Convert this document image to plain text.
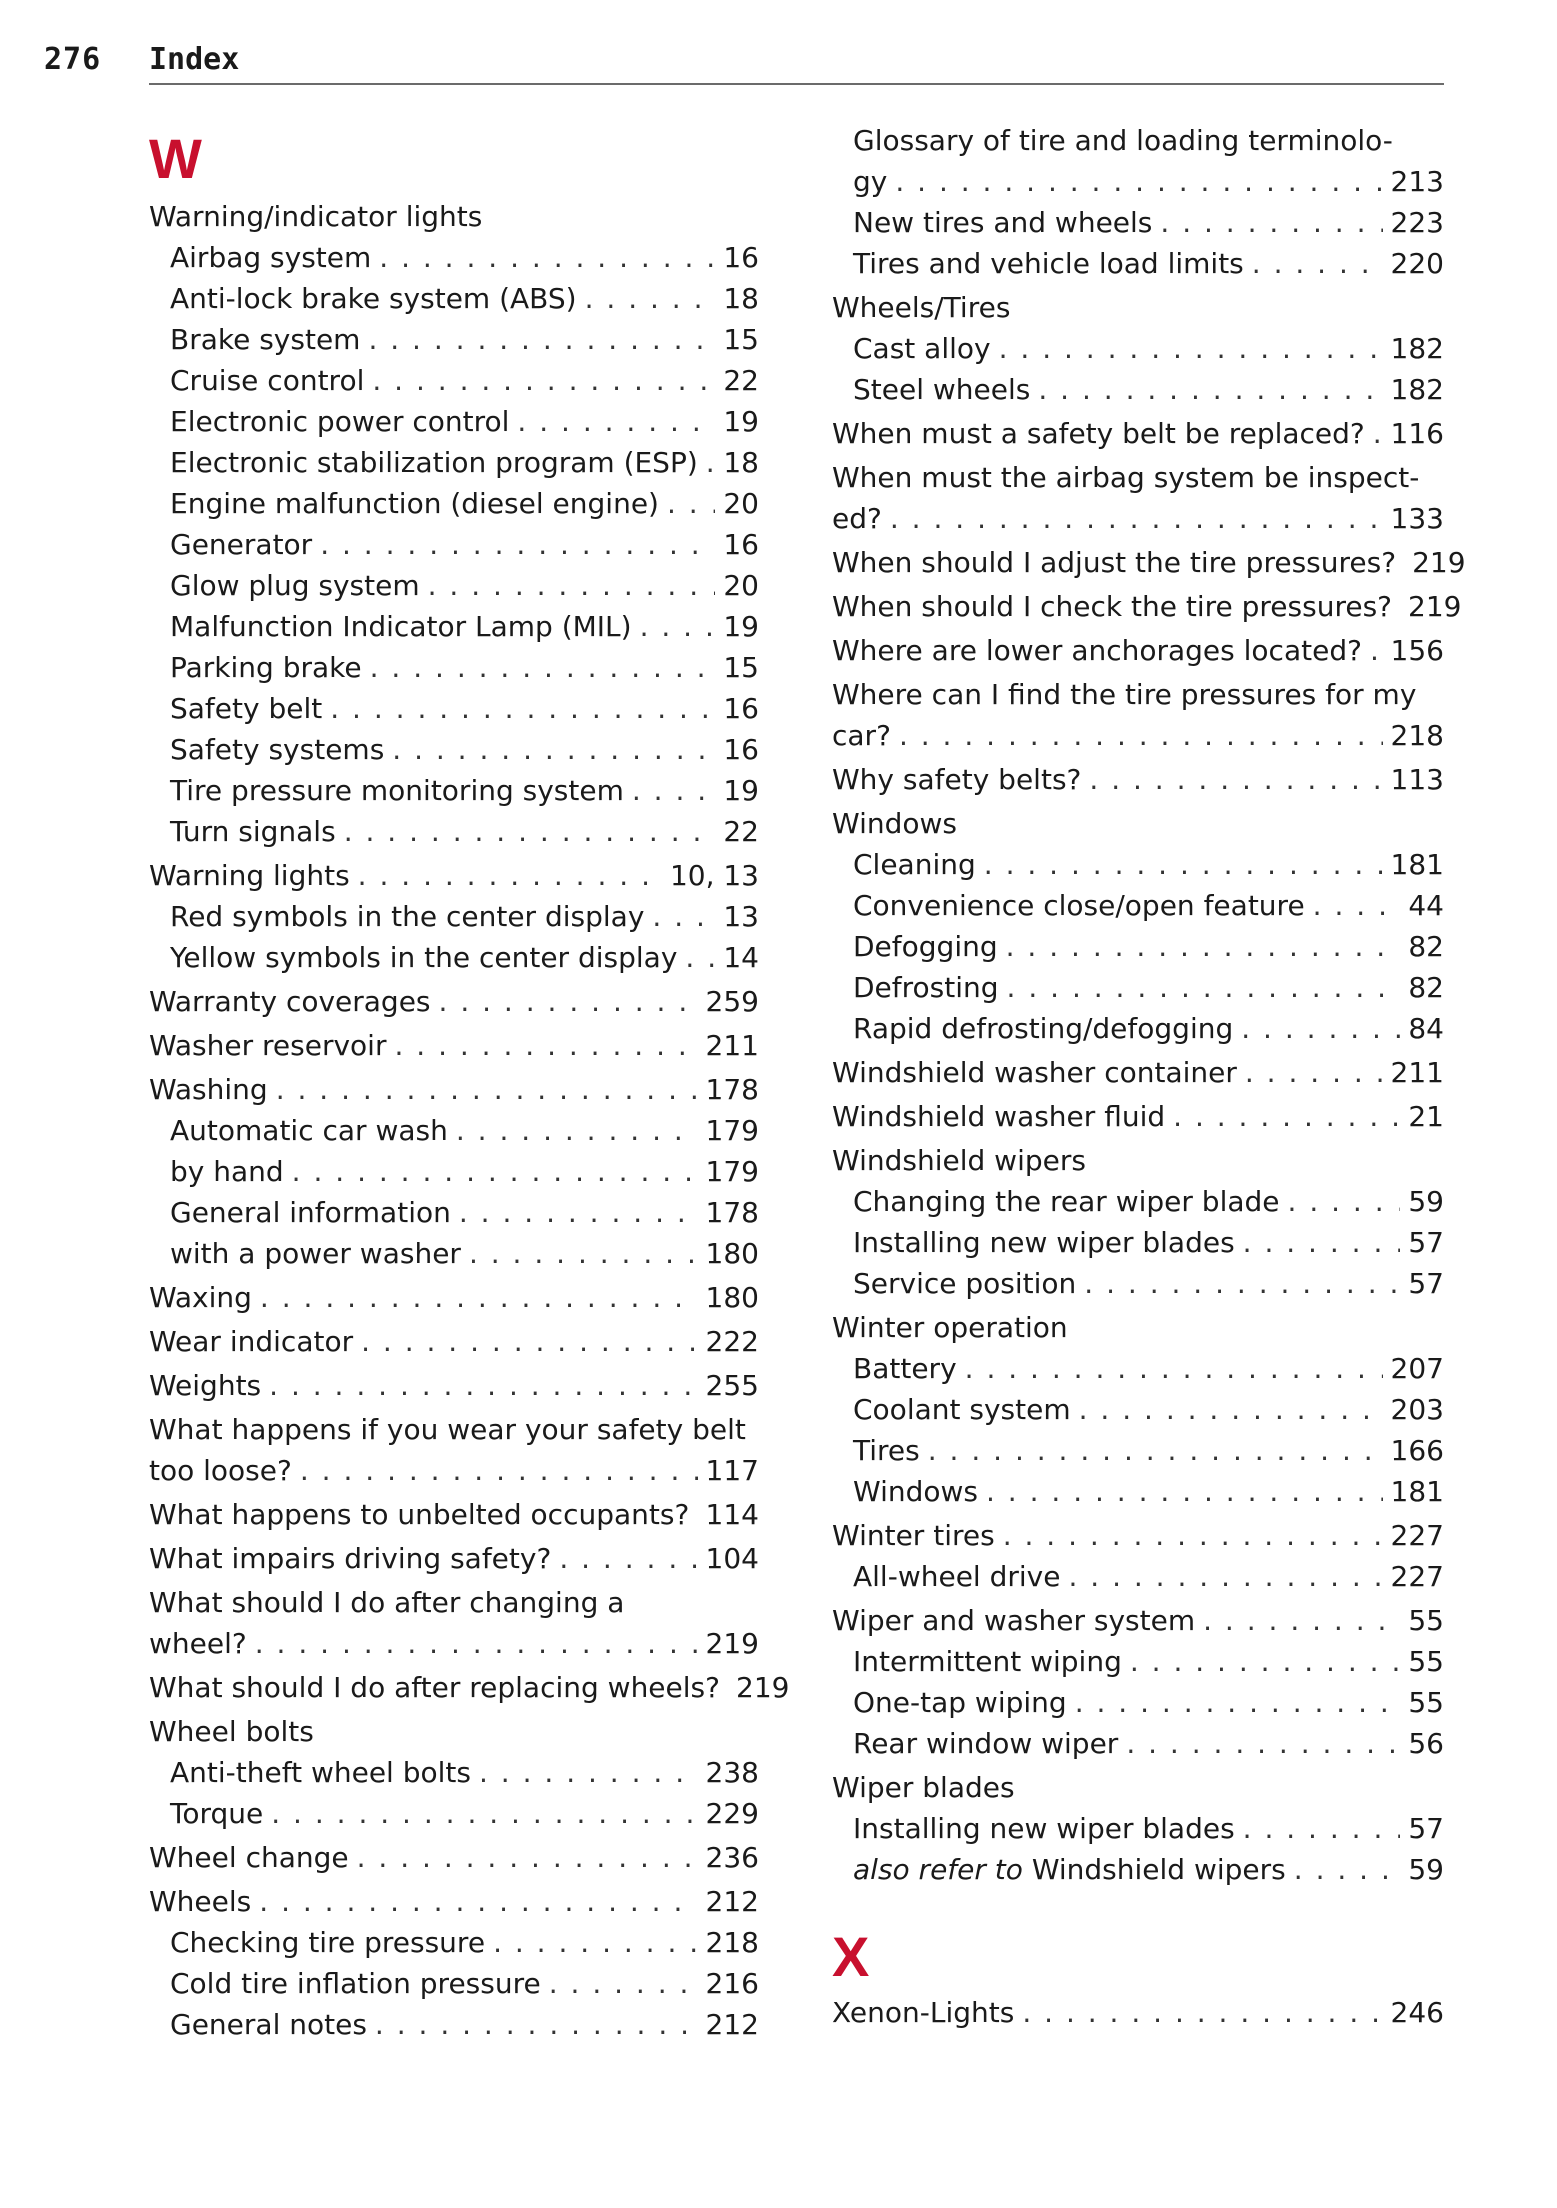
276 Index
W
Warning/indicator lights
Airbag system . . .	16
Anti-lock brake system (ABS) . . .	18
Brake system . . .	15
Cruise control . . .	22
Electronic power control . . .	19
Electronic stabilization program (ESP) . . . 18
Engine malfunction (diesel engine) . . . 20
Generator . . .	16
Glow plug system . . .	20
Malfunction Indicator Lamp (MIL) . . .	19
Parking brake . . .	15
Safety belt . . .	16
Safety systems . . .	16
Tire pressure monitoring system . . .	19
Turn signals . . .	22
Warning lights . . .	10, 13
Red symbols in the center display . . .	13
Yellow symbols in the center display . . . 14
Warranty coverages . . .	259
Washer reservoir . . .	211
Washing . . .	178
Automatic car wash . . .	179
by hand . . .	179
General information . . .	178
with a power washer . . .	180
Waxing . . .	180
Wear indicator . . .	222
Weights . . .	255
What happens if you wear your safety belt
too loose? . . .	117
What happens to unbelted occupants? . . . 114
What impairs driving safety? . . .	104
What should I do after changing a
wheel? . . .	219
What should I do after replacing wheels? 219
Wheel bolts
Anti-theft wheel bolts . . .	238
Torque . . .	229
Wheel change . . .	236
Wheels . . .	212
Checking tire pressure . . .	218
Cold tire inflation pressure . . .	216
General notes . . .	212
Glossary of tire and loading terminolo-
gy . . .	213
New tires and wheels . . .	223
Tires and vehicle load limits . . .	220
Wheels/Tires
Cast alloy . . .	182
Steel wheels . . .	182
When must a safety belt be replaced? . . . 116
When must the airbag system be inspect-
ed? . . .	133
When should I adjust the tire pressures? 219
When should I check the tire pressures? 219
Where are lower anchorages located? . . . 156
Where can I find the tire pressures for my
car? . . .	218
Why safety belts? . . .	113
Windows
Cleaning . . .	181
Convenience close/open feature . . .	44
Defogging . . .	82
Defrosting . . .	82
Rapid defrosting/defogging . . .	84
Windshield washer container . . .	211
Windshield washer fluid . . .	21
Windshield wipers
Changing the rear wiper blade . . .	59
Installing new wiper blades . . .	57
Service position . . .	57
Winter operation
Battery . . .	207
Coolant system . . .	203
Tires . . .	166
Windows . . .	181
Winter tires . . .	227
All-wheel drive . . .	227
Wiper and washer system . . .	55
Intermittent wiping . . .	55
One-tap wiping . . .	55
Rear window wiper . . .	56
Wiper blades
Installing new wiper blades . . .	57
also refer to Windshield wipers . . .	59
X
Xenon-Lights . . .	246
